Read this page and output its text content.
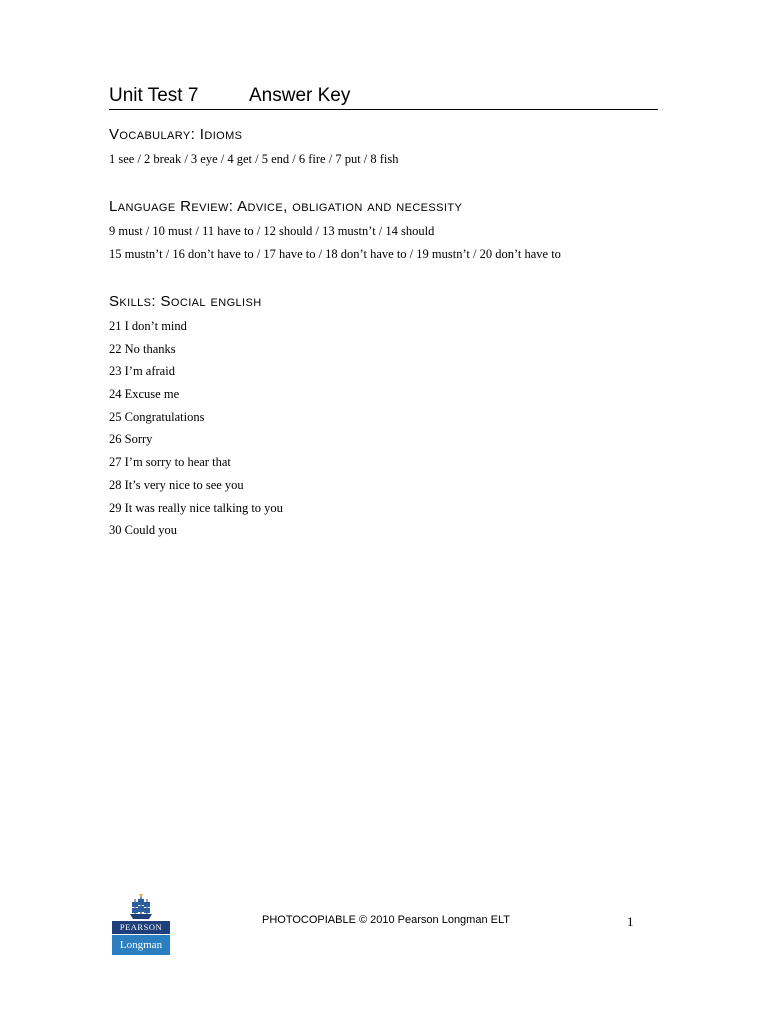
Unit Test 7	Answer Key
Vocabulary: Idioms
1 see / 2 break / 3 eye / 4 get / 5 end / 6 fire / 7 put / 8 fish
Language Review: Advice, obligation and necessity
9 must / 10 must / 11 have to / 12 should / 13 mustn’t / 14 should
15 mustn’t / 16 don’t have to / 17 have to / 18 don’t have to / 19 mustn’t / 20 don’t have to
Skills: Social english
21 I don’t mind
22 No thanks
23 I’m afraid
24 Excuse me
25 Congratulations
26 Sorry
27 I’m sorry to hear that
28 It’s very nice to see you
29 It was really nice talking to you
30 Could you
PEARSON
Longman
PHOTOCOPIABLE © 2010 Pearson Longman ELT	1
